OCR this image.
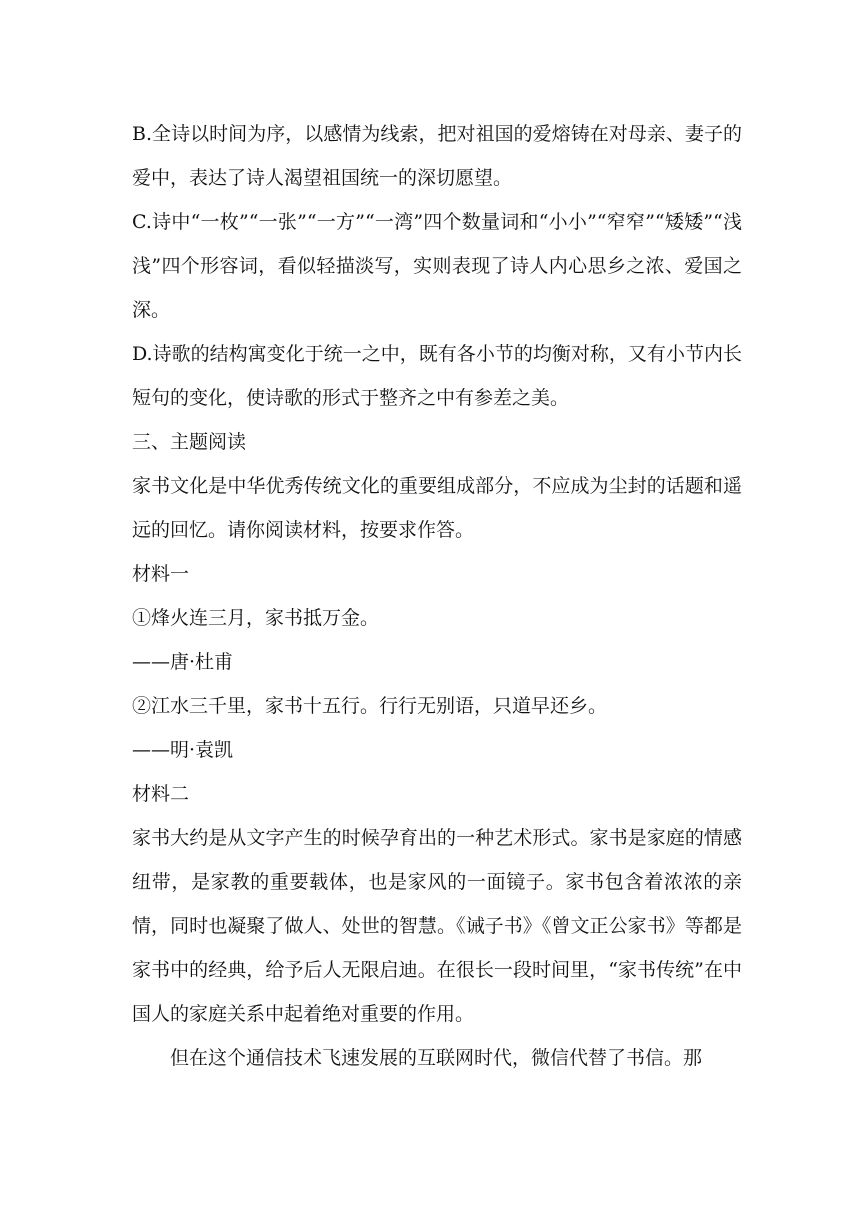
B.全诗以时间为序，以感情为线索，把对祖国的爱熔铸在对母亲、妻子的爱中，表达了诗人渴望祖国统一的深切愿望。

C.诗中“一枚”“一张”“一方”“一湾”四个数量词和“小小”“窄窄”“矮矮”“浅浅”四个形容词，看似轻描淡写，实则表现了诗人内心思乡之浓、爱国之深。

D.诗歌的结构寓变化于统一之中，既有各小节的均衡对称，又有小节内长短句的变化，使诗歌的形式于整齐之中有参差之美。

三、主题阅读

家书文化是中华优秀传统文化的重要组成部分，不应成为尘封的话题和遥远的回忆。请你阅读材料，按要求作答。

材料一

①烽火连三月，家书抵万金。

——唐·杜甫

②江水三千里，家书十五行。行行无别语，只道早还乡。

——明·袁凯

材料二

家书大约是从文字产生的时候孕育出的一种艺术形式。家书是家庭的情感纽带，是家教的重要载体，也是家风的一面镜子。家书包含着浓浓的亲情，同时也凝聚了做人、处世的智慧。《诫子书》《曾文正公家书》等都是家书中的经典，给予后人无限启迪。在很长一段时间里，“家书传统”在中国人的家庭关系中起着绝对重要的作用。

但在这个通信技术飞速发展的互联网时代，微信代替了书信。那
